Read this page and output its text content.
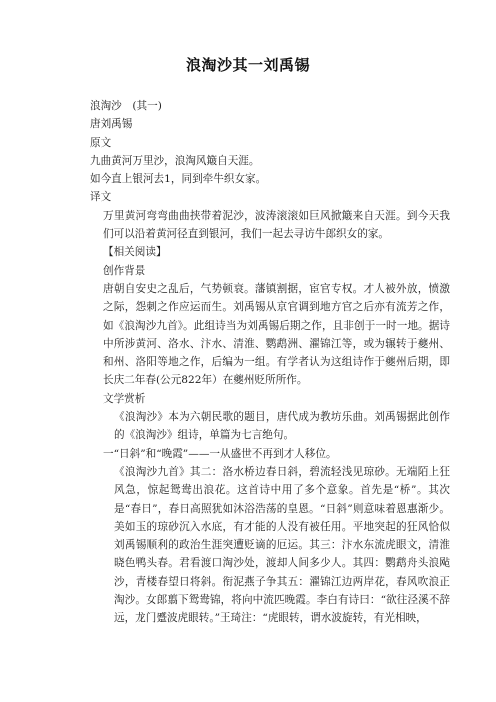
浪淘沙其一刘禹锡
浪淘沙　(其一)
唐刘禹锡
原文
九曲黄河万里沙，浪淘风簸自天涯。
如今直上银河去1，同到牵牛织女家。
译文
万里黄河弯弯曲曲挟带着泥沙，波涛滚滚如巨风掀簸来自天涯。到今天我们可以沿着黄河径直到银河，我们一起去寻访牛郎织女的家。
【相关阅读】
创作背景
唐朝自安史之乱后，气势顿衰。藩镇割据，宦官专权。才人被外放，愤激之际，怨刺之作应运而生。刘禹锡从京官调到地方官之后亦有流芳之作，如《浪淘沙九首》。此组诗当为刘禹锡后期之作，且非创于一时一地。据诗中所涉黄河、洛水、汴水、清淮、鹦鹉洲、濯锦江等，或为辗转于夔州、和州、洛阳等地之作，后编为一组。有学者认为这组诗作于夔州后期，即长庆二年春(公元822年）在夔州贬所所作。
文学赏析
《浪淘沙》本为六朝民歌的题目，唐代成为教坊乐曲。刘禹锡据此创作的《浪淘沙》组诗，单篇为七言绝句。
一“日斜”和“晚霞”——一从盛世不再到才人移位。
《浪淘沙九首》其二：洛水桥边春日斜，碧流轻浅见琼砂。无端陌上狂风急，惊起鸳鸯出浪花。这首诗中用了多个意象。首先是“桥”。其次是“春日”，春日高照犹如沐浴浩荡的皇恩。“日斜”则意味着恩惠渐少。美如玉的琼砂沉入水底，有才能的人没有被任用。平地突起的狂风恰似刘禹锡顺利的政治生涯突遭贬谪的厄运。其三：汴水东流虎眼文，清淮晓色鸭头春。君看渡口淘沙处，渡却人间多少人。其四：鹦鹉舟头浪飐沙，青楼春望日将斜。衔泥燕子争其五：濯锦江边两岸花，春风吹浪正淘沙。女郎翦下鸳鸯锦，将向中流匹晚霞。李白有诗曰：“欲往泾溪不辞远，龙门蹙波虎眼转。”王琦注：“虎眼转，谓水波旋转，有光相映，
